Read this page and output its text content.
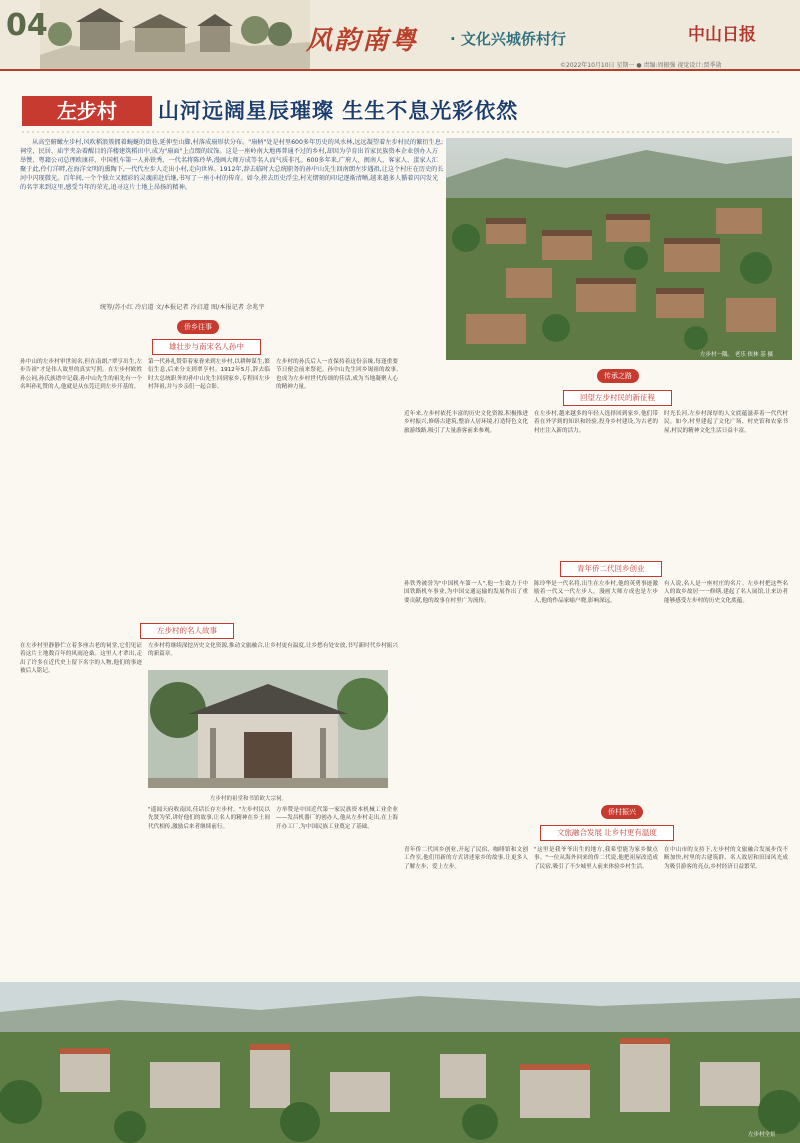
04	风韵南粤 · 文化兴城侨村行	中山日报
©2022年10月10日 星期一 ● 责编:周振强 视觉设计:贾季勋
左步村	山河远阔星辰璀璨 生生不息光彩依然
从高空俯瞰左步村,风吹稻浪簇拥着蜿蜒的街巷,延伸至山脚,村落成扇形状分布。"扇柄"处是村里600多年历史的风水林,远远凝望着左步村民的繁衍生息;祠堂、民居、庙宇夹杂着醒目的洋楼建筑稻田中,成为"扇面"上点缀的纹饰。这是一座岭南大地再普通不过的乡村,却因为孕育出首家民族资本企业创办人方举赞、粤籍公司总理欧康祥、中国机车第一人孙铁秀、一代名将陈玲华,漫画大师方成等名人而气质非凡。600多年来,广府人、闽南人、客家人、蛋家人汇聚于此,伶仃洋畔,在海洋文明的熏陶下,一代代左步人走出小村,走向世界。1912年,辞去临时大总统职务的孙中山先生回南朗左步遇祖,让这个村庄在历史的长河中闪现微光。百年间,一个个独立又精彩的灵魂前赴后继,书写了一座小村的传奇。如今,挟去历史浮尘,村光熠刻的印记逐渐清晰,越来越多人循着闪闪发光的名字来到这里,感受当年的荣光,追寻这片土地上昂扬的精神。
统筹/苏小红 冷启道 文/本报记者 冷启道 图/本报记者 余兆宇
左步村一隅。 老乐 侠林 基 摄
侨乡往事
雄壮步与南宋名人孙中
左步村的名人故事
传承之路
回望左步村民的新征程
青年侨二代回乡创业
侨村振兴
文旅融合发展 让乡村更有温度
孙中山的左步村审世间名,但在南朗,"翠亨出生,左步告祖"才是伟人故里的真实写照。在左步村欧姓孙公祠,孙氏族谱中记载,孙中山先生的祖先有一个名叫孙礼赞的人,他就是从东莞迁到左步开基的。
第一代孙礼赞带着家眷来到左步村,以耕种谋生,繁衍生息,后来分支到翠亨村。1912年5月,辞去临时大总统职务的孙中山先生回到家乡,专程回左步村拜祖,并与乡亲们一起合影。
左步村的孙氏后人一直保持着这份亲缘,每逢重要节日便会前来祭祀。孙中山先生回乡谒祖的故事,也成为左步村世代传颂的佳话,成为当地凝聚人心的精神力量。
近年来,左步村依托丰富的历史文化资源,积极推进乡村振兴,修缮古建筑,整治人居环境,打造特色文化旅游线路,吸引了大量游客前来参观。
在左步村,越来越多的年轻人选择回到家乡,他们带着在外学到的知识和经验,投身乡村建设,为古老的村庄注入新的活力。
时光长河,左步村深厚的人文底蕴滋养着一代代村民。如今,村里建起了文化广场、村史馆和农家书屋,村民的精神文化生活日益丰富。
在左步村里静静伫立着多座古老的祠堂,它们见证着这片土地数百年的风雨沧桑。这里人才辈出,走出了许多在近代史上留下名字的人物,他们的事迹被后人铭记。
"遥闻天府收南国,佳话长存左步村。"左步村民以先贤为荣,讲好他们的故事,让名人的精神在乡土间代代相传,激励后来者继续前行。
方举赞是中国近代第一家民族资本机械工业企业——发昌机器厂的创办人,他从左步村走出,在上海开办工厂,为中国民族工业奠定了基础。
孙铁秀被誉为"中国机车第一人",他一生致力于中国铁路机车事业,为中国交通运输的发展作出了重要贡献,他的故事在村里广为流传。
陈玲华是一代名将,出生在左步村,他的英勇事迹激励着一代又一代左步人。漫画大师方成也是左步人,他的作品家喻户晓,影响深远。
有人说,名人是一座村庄的名片。左步村把这些名人的故乡故居一一修缮,建起了名人展馆,让来访者能够感受左步村的历史文化底蕴。
青年侨二代回乡创业,开起了民宿、咖啡馆和文创工作室,他们用新的方式讲述家乡的故事,让更多人了解左步、爱上左步。
"这里是我爷爷出生的地方,我希望能为家乡做点事。"一位从海外回来的侨二代说,他把祖屋改造成了民宿,吸引了不少城里人前来体验乡村生活。
在中山市的支持下,左步村的文旅融合发展步伐不断加快,村里的古建筑群、名人故居和田园风光成为吸引游客的亮点,乡村经济日益繁荣。
左步村将继续深挖历史文化资源,推动文旅融合,让乡村更有温度,让乡愁有处安放,书写新时代乡村振兴的新篇章。
左步村的祖堂和书馆欧大宗祠。
左步村全景
